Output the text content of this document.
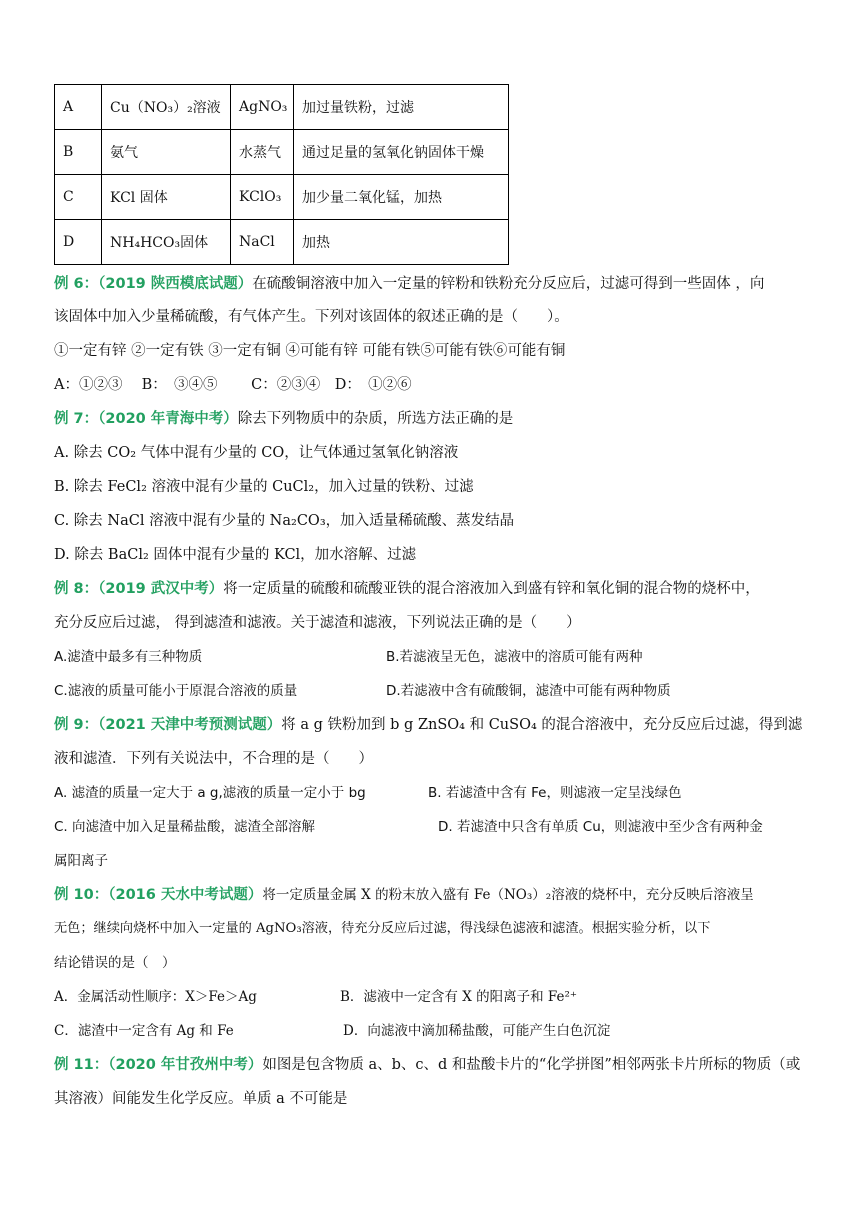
A	Cu（NO₃）₂溶液	AgNO₃	加过量铁粉，过滤
B	氨气	水蒸气	通过足量的氢氧化钠固体干燥
C	KCl 固体	KClO₃	加少量二氧化锰，加热
D	NH₄HCO₃固体	NaCl	加热
例 6：（2019 陕西模底试题）在硫酸铜溶液中加入一定量的锌粉和铁粉充分反应后，过滤可得到一些固体 ，向
该固体中加入少量稀硫酸，有气体产生。下列对该固体的叙述正确的是（　　）。
①一定有锌 ②一定有铁 ③一定有铜 ④可能有锌 可能有铁⑤可能有铁⑥可能有铜
A：①②③　 B：　③④⑤　　 C：②③④　D：　①②⑥
例 7：（2020 年青海中考）除去下列物质中的杂质，所选方法正确的是
A. 除去 CO₂ 气体中混有少量的 CO，让气体通过氢氧化钠溶液
B. 除去 FeCl₂ 溶液中混有少量的 CuCl₂，加入过量的铁粉、过滤
C. 除去 NaCl 溶液中混有少量的 Na₂CO₃，加入适量稀硫酸、蒸发结晶
D. 除去 BaCl₂ 固体中混有少量的 KCl，加水溶解、过滤
例 8：（2019 武汉中考）将一定质量的硫酸和硫酸亚铁的混合溶液加入到盛有锌和氧化铜的混合物的烧杯中，
充分反应后过滤， 得到滤渣和滤液。关于滤渣和滤液，下列说法正确的是（　　）
A.滤渣中最多有三种物质	B.若滤液呈无色，滤液中的溶质可能有两种
C.滤液的质量可能小于原混合溶液的质量	D.若滤液中含有硫酸铜，滤渣中可能有两种物质
例 9：（2021 天津中考预测试题）将 a g 铁粉加到 b g ZnSO₄ 和 CuSO₄ 的混合溶液中，充分反应后过滤，得到滤
液和滤渣．下列有关说法中，不合理的是（　　）
A. 滤渣的质量一定大于 a g,滤液的质量一定小于 bg	B. 若滤渣中含有 Fe，则滤液一定呈浅绿色
C. 向滤渣中加入足量稀盐酸，滤渣全部溶解	D. 若滤渣中只含有单质 Cu，则滤液中至少含有两种金
属阳离子
例 10：（2016 天水中考试题）将一定质量金属 X 的粉末放入盛有 Fe（NO₃）₂溶液的烧杯中，充分反映后溶液呈
无色；继续向烧杯中加入一定量的 AgNO₃溶液，待充分反应后过滤，得浅绿色滤液和滤渣。根据实验分析，以下
结论错误的是（　）
A．金属活动性顺序：X＞Fe＞Ag	B．滤液中一定含有 X 的阳离子和 Fe²⁺
C．滤渣中一定含有 Ag 和 Fe	D．向滤液中滴加稀盐酸，可能产生白色沉淀
例 11：（2020 年甘孜州中考）如图是包含物质 a、b、c、d 和盐酸卡片的“化学拼图”相邻两张卡片所标的物质（或
其溶液）间能发生化学反应。单质 a 不可能是
